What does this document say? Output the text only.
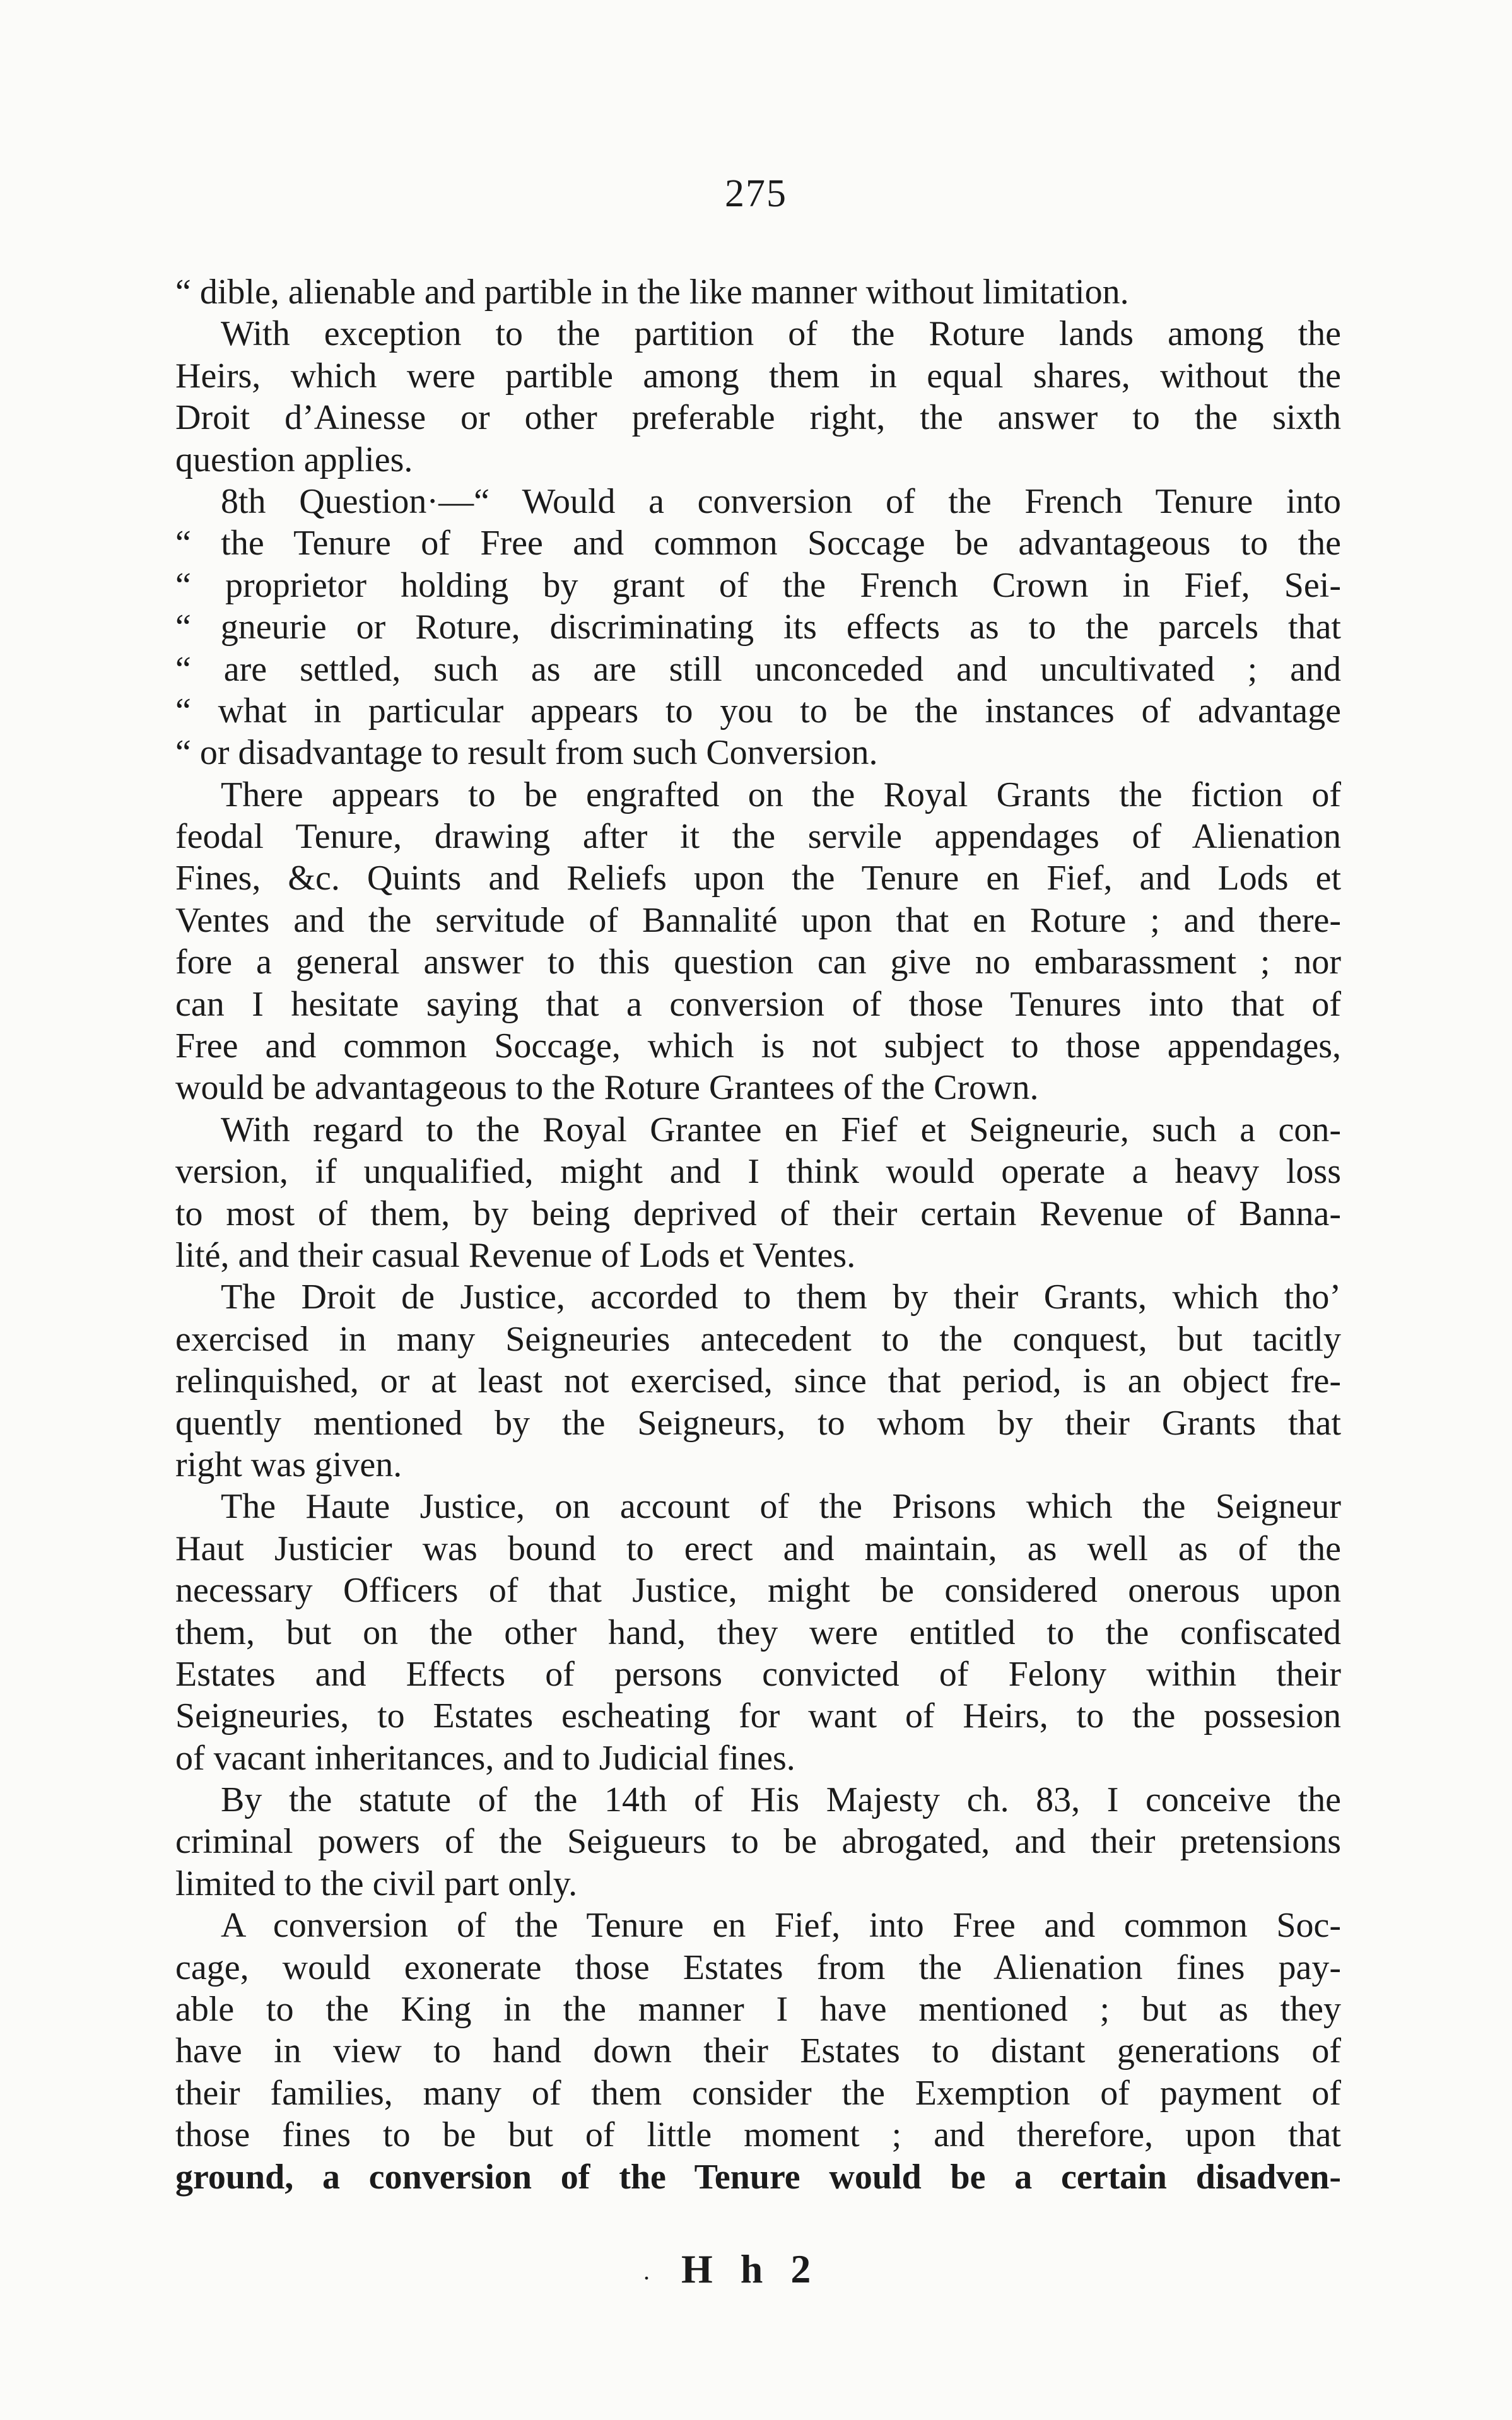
275
“ dible, alienable and partible in the like manner without limitation.
With exception to the partition of the Roture lands among the
Heirs, which were partible among them in equal shares, without the
Droit d’Ainesse or other preferable right, the answer to the sixth
question applies.
8th Question·—“ Would a conversion of the French Tenure into
“ the Tenure of Free and common Soccage be advantageous to the
“ proprietor holding by grant of the French Crown in Fief, Sei-
“ gneurie or Roture, discriminating its effects as to the parcels that
“ are settled, such as are still unconceded and uncultivated ; and
“ what in particular appears to you to be the instances of advantage
“ or disadvantage to result from such Conversion.
There appears to be engrafted on the Royal Grants the fiction of
feodal Tenure, drawing after it the servile appendages of Alienation
Fines, &c. Quints and Reliefs upon the Tenure en Fief, and Lods et
Ventes and the servitude of Bannalité upon that en Roture ; and there-
fore a general answer to this question can give no embarassment ; nor
can I hesitate saying that a conversion of those Tenures into that of
Free and common Soccage, which is not subject to those appendages,
would be advantageous to the Roture Grantees of the Crown.
With regard to the Royal Grantee en Fief et Seigneurie, such a con-
version, if unqualified, might and I think would operate a heavy loss
to most of them, by being deprived of their certain Revenue of Banna-
lité, and their casual Revenue of Lods et Ventes.
The Droit de Justice, accorded to them by their Grants, which tho’
exercised in many Seigneuries antecedent to the conquest, but tacitly
relinquished, or at least not exercised, since that period, is an object fre-
quently mentioned by the Seigneurs, to whom by their Grants that
right was given.
The Haute Justice, on account of the Prisons which the Seigneur
Haut Justicier was bound to erect and maintain, as well as of the
necessary Officers of that Justice, might be considered onerous upon
them, but on the other hand, they were entitled to the confiscated
Estates and Effects of persons convicted of Felony within their
Seigneuries, to Estates escheating for want of Heirs, to the possesion
of vacant inheritances, and to Judicial fines.
By the statute of the 14th of His Majesty ch. 83, I conceive the
criminal powers of the Seigueurs to be abrogated, and their pretensions
limited to the civil part only.
A conversion of the Tenure en Fief, into Free and common Soc-
cage, would exonerate those Estates from the Alienation fines pay-
able to the King in the manner I have mentioned ; but as they
have in view to hand down their Estates to distant generations of
their families, many of them consider the Exemption of payment of
those fines to be but of little moment ; and therefore, upon that
ground, a conversion of the Tenure would be a certain disadven-
. H h 2
